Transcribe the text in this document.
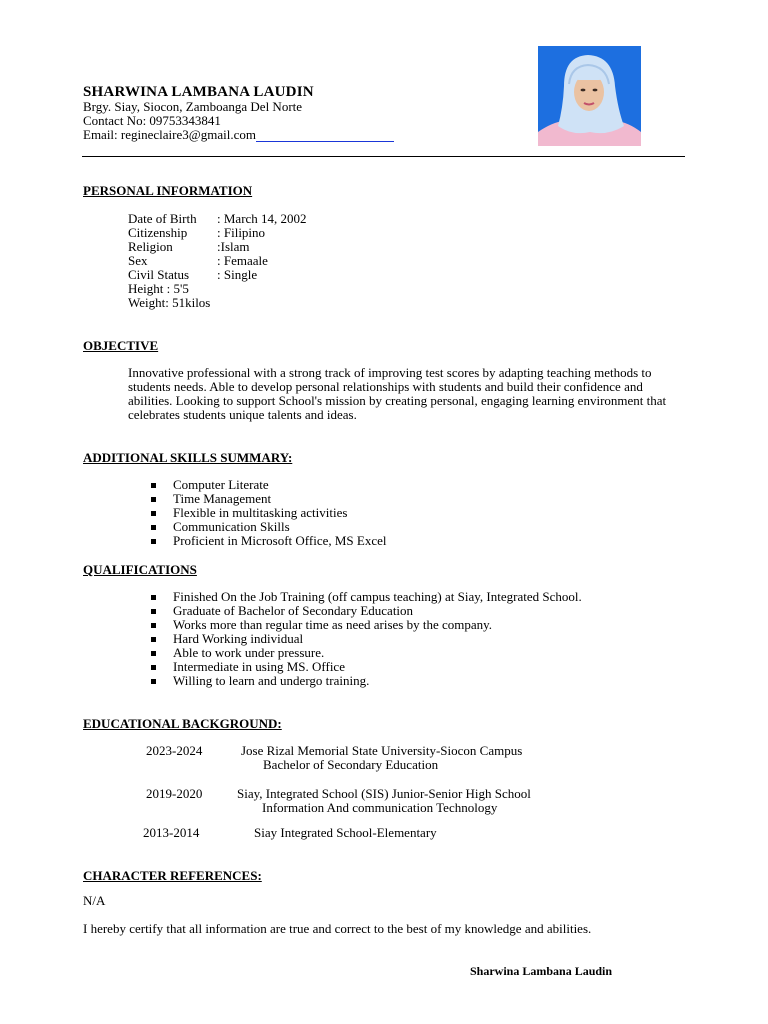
SHARWINA LAMBANA LAUDIN
Brgy. Siay, Siocon, Zamboanga Del Norte
Contact No: 09753343841
Email: regineclaire3@gmail.com
PERSONAL INFORMATION
Date of Birth : March 14, 2002
Citizenship : Filipino
Religion	:Islam
Sex	: Femaale
Civil Status : Single
Height : 5'5
Weight: 51kilos
OBJECTIVE
Innovative professional with a strong track of improving test scores by adapting teaching methods to students needs. Able to develop personal relationships with students and build their confidence and abilities. Looking to support School's mission by creating personal, engaging learning environment that celebrates students unique talents and ideas.
ADDITIONAL SKILLS SUMMARY:
Computer Literate
Time Management
Flexible in multitasking activities
Communication Skills
Proficient in Microsoft Office, MS Excel
QUALIFICATIONS
Finished On the Job Training (off campus teaching) at Siay, Integrated School.
Graduate of Bachelor of Secondary Education
Works more than regular time as need arises by the company.
Hard Working individual
Able to work under pressure.
Intermediate in using MS. Office
Willing to learn and undergo training.
EDUCATIONAL BACKGROUND:
2023-2024	Jose Rizal Memorial State University-Siocon Campus
Bachelor of Secondary Education
2019-2020	Siay, Integrated School (SIS) Junior-Senior High School
Information And communication Technology
2013-2014	Siay Integrated School-Elementary
CHARACTER REFERENCES:
N/A
I hereby certify that all information are true and correct to the best of my knowledge and abilities.
Sharwina Lambana Laudin
